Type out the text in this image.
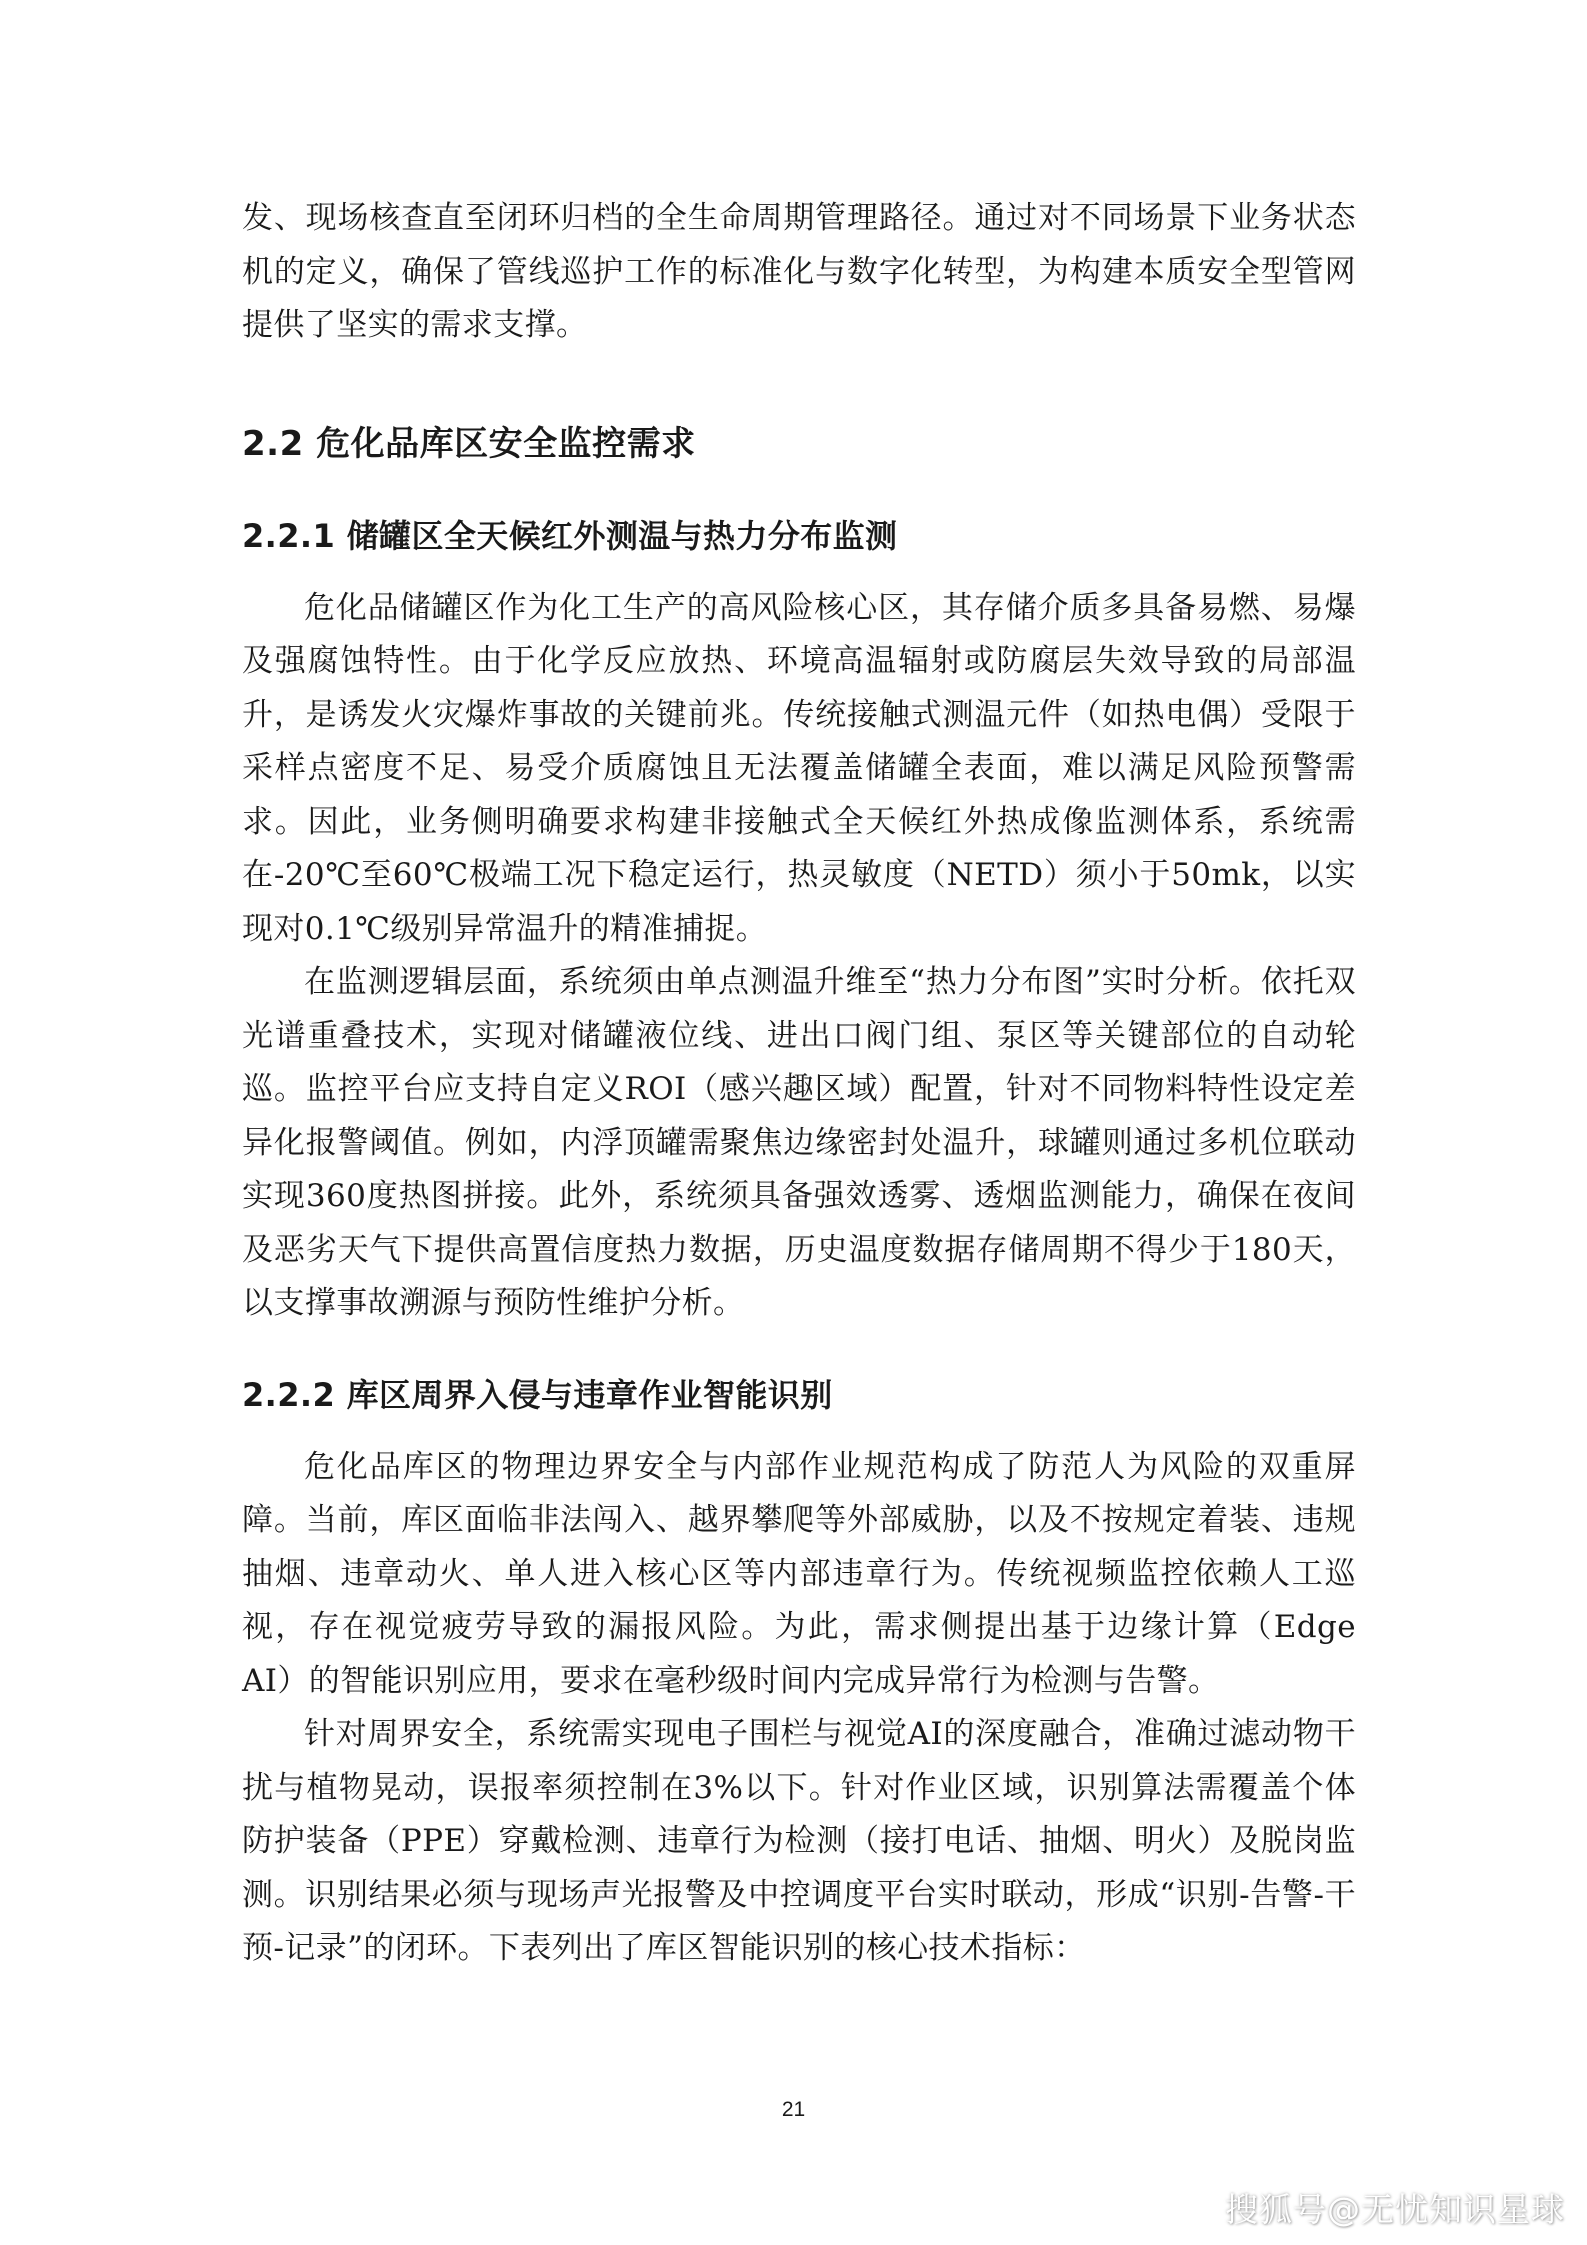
发、现场核查直至闭环归档的全生命周期管理路径。通过对不同场景下业务状态机的定义，确保了管线巡护工作的标准化与数字化转型，为构建本质安全型管网提供了坚实的需求支撑。

2.2 危化品库区安全监控需求
2.2.1 储罐区全天候红外测温与热力分布监测

危化品储罐区作为化工生产的高风险核心区，其存储介质多具备易燃、易爆及强腐蚀特性。由于化学反应放热、环境高温辐射或防腐层失效导致的局部温升，是诱发火灾爆炸事故的关键前兆。传统接触式测温元件（如热电偶）受限于采样点密度不足、易受介质腐蚀且无法覆盖储罐全表面，难以满足风险预警需求。因此，业务侧明确要求构建非接触式全天候红外热成像监测体系，系统需在-20℃至60℃极端工况下稳定运行，热灵敏度（NETD）须小于50mk，以实现对0.1℃级别异常温升的精准捕捉。

在监测逻辑层面，系统须由单点测温升维至“热力分布图”实时分析。依托双光谱重叠技术，实现对储罐液位线、进出口阀门组、泵区等关键部位的自动轮巡。监控平台应支持自定义ROI（感兴趣区域）配置，针对不同物料特性设定差异化报警阈值。例如，内浮顶罐需聚焦边缘密封处温升，球罐则通过多机位联动实现360度热图拼接。此外，系统须具备强效透雾、透烟监测能力，确保在夜间及恶劣天气下提供高置信度热力数据，历史温度数据存储周期不得少于180天，以支撑事故溯源与预防性维护分析。

2.2.2 库区周界入侵与违章作业智能识别

危化品库区的物理边界安全与内部作业规范构成了防范人为风险的双重屏障。当前，库区面临非法闯入、越界攀爬等外部威胁，以及不按规定着装、违规抽烟、违章动火、单人进入核心区等内部违章行为。传统视频监控依赖人工巡视，存在视觉疲劳导致的漏报风险。为此，需求侧提出基于边缘计算（Edge AI）的智能识别应用，要求在毫秒级时间内完成异常行为检测与告警。

针对周界安全，系统需实现电子围栏与视觉AI的深度融合，准确过滤动物干扰与植物晃动，误报率须控制在3%以下。针对作业区域，识别算法需覆盖个体防护装备（PPE）穿戴检测、违章行为检测（接打电话、抽烟、明火）及脱岗监测。识别结果必须与现场声光报警及中控调度平台实时联动，形成“识别-告警-干预-记录”的闭环。下表列出了库区智能识别的核心技术指标：

21
搜狐号@无忧知识星球
